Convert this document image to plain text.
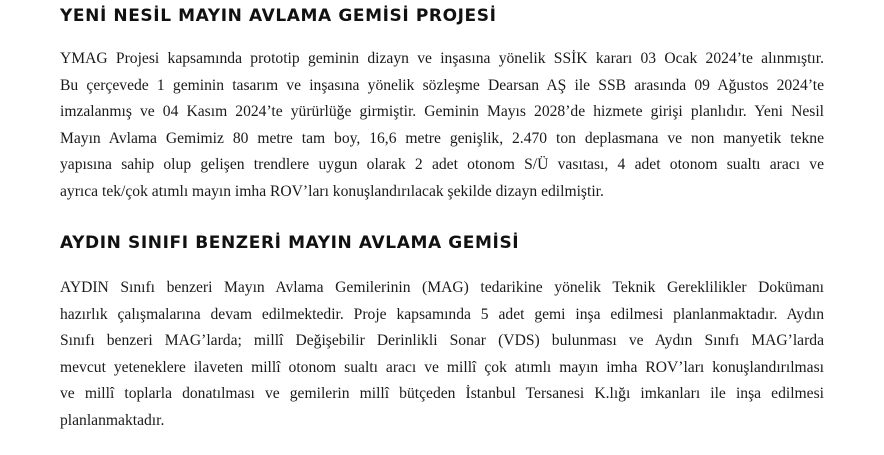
YENİ NESİL MAYIN AVLAMA GEMİSİ PROJESİ

YMAG Projesi kapsamında prototip geminin dizayn ve inşasına yönelik SSİK kararı 03 Ocak 2024’te alınmıştır.
Bu çerçevede 1 geminin tasarım ve inşasına yönelik sözleşme Dearsan AŞ ile SSB arasında 09 Ağustos 2024’te
imzalanmış ve 04 Kasım 2024’te yürürlüğe girmiştir. Geminin Mayıs 2028’de hizmete girişi planlıdır. Yeni Nesil
Mayın Avlama Gemimiz 80 metre tam boy, 16,6 metre genişlik, 2.470 ton deplasmana ve non manyetik tekne
yapısına sahip olup gelişen trendlere uygun olarak 2 adet otonom S/Ü vasıtası, 4 adet otonom sualtı aracı ve
ayrıca tek/çok atımlı mayın imha ROV’ları konuşlandırılacak şekilde dizayn edilmiştir.

AYDIN SINIFI BENZERİ MAYIN AVLAMA GEMİSİ

AYDIN Sınıfı benzeri Mayın Avlama Gemilerinin (MAG) tedarikine yönelik Teknik Gereklilikler Dokümanı
hazırlık çalışmalarına devam edilmektedir. Proje kapsamında 5 adet gemi inşa edilmesi planlanmaktadır. Aydın
Sınıfı benzeri MAG’larda; millî Değişebilir Derinlikli Sonar (VDS) bulunması ve Aydın Sınıfı MAG’larda
mevcut yeteneklere ilaveten millî otonom sualtı aracı ve millî çok atımlı mayın imha ROV’ları konuşlandırılması
ve millî toplarla donatılması ve gemilerin millî bütçeden İstanbul Tersanesi K.lığı imkanları ile inşa edilmesi
planlanmaktadır.
